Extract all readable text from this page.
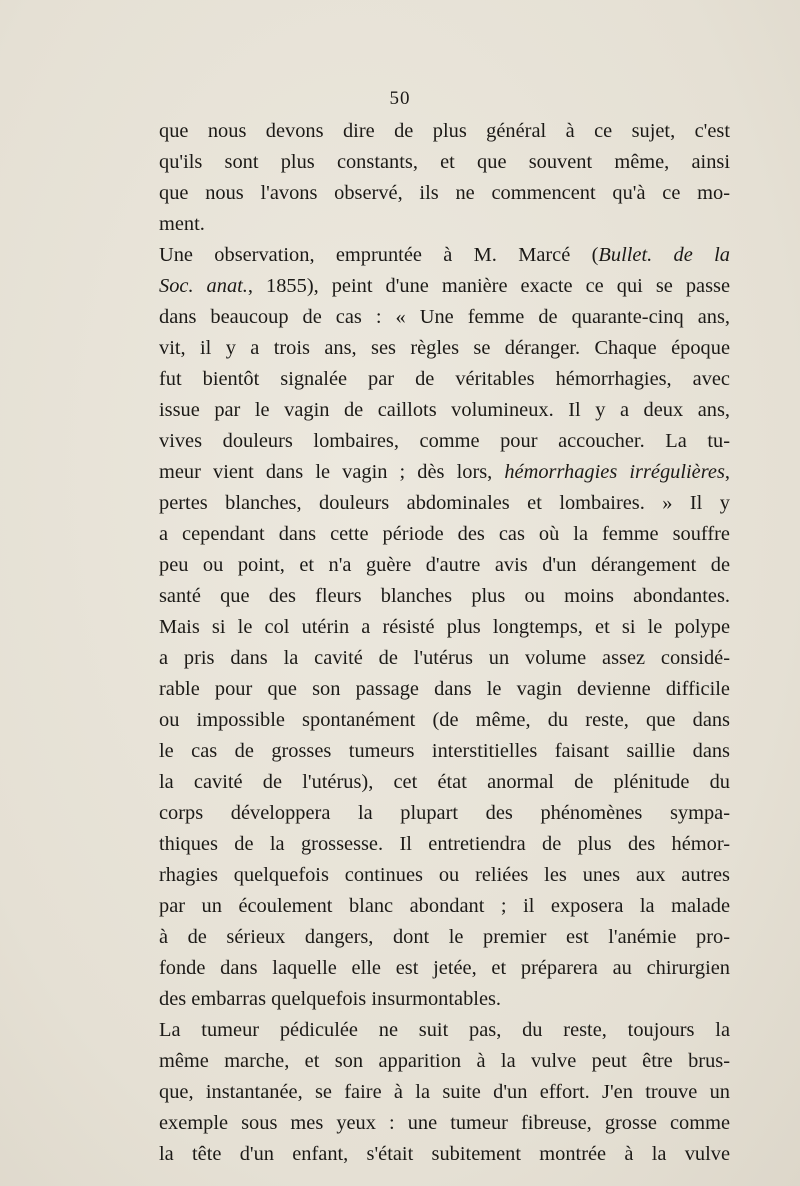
50
que nous devons dire de plus général à ce sujet, c'est
qu'ils sont plus constants, et que souvent même, ainsi
que nous l'avons observé, ils ne commencent qu'à ce mo-
ment.
Une observation, empruntée à M. Marcé (Bullet. de la
Soc. anat., 1855), peint d'une manière exacte ce qui se passe
dans beaucoup de cas : « Une femme de quarante-cinq ans,
vit, il y a trois ans, ses règles se déranger. Chaque époque
fut bientôt signalée par de véritables hémorrhagies, avec
issue par le vagin de caillots volumineux. Il y a deux ans,
vives douleurs lombaires, comme pour accoucher. La tu-
meur vient dans le vagin ; dès lors, hémorrhagies irrégulières,
pertes blanches, douleurs abdominales et lombaires. » Il y
a cependant dans cette période des cas où la femme souffre
peu ou point, et n'a guère d'autre avis d'un dérangement de
santé que des fleurs blanches plus ou moins abondantes.
Mais si le col utérin a résisté plus longtemps, et si le polype
a pris dans la cavité de l'utérus un volume assez considé-
rable pour que son passage dans le vagin devienne difficile
ou impossible spontanément (de même, du reste, que dans
le cas de grosses tumeurs interstitielles faisant saillie dans
la cavité de l'utérus), cet état anormal de plénitude du
corps développera la plupart des phénomènes sympa-
thiques de la grossesse. Il entretiendra de plus des hémor-
rhagies quelquefois continues ou reliées les unes aux autres
par un écoulement blanc abondant ; il exposera la malade
à de sérieux dangers, dont le premier est l'anémie pro-
fonde dans laquelle elle est jetée, et préparera au chirurgien
des embarras quelquefois insurmontables.
La tumeur pédiculée ne suit pas, du reste, toujours la
même marche, et son apparition à la vulve peut être brus-
que, instantanée, se faire à la suite d'un effort. J'en trouve un
exemple sous mes yeux : une tumeur fibreuse, grosse comme
la tête d'un enfant, s'était subitement montrée à la vulve
